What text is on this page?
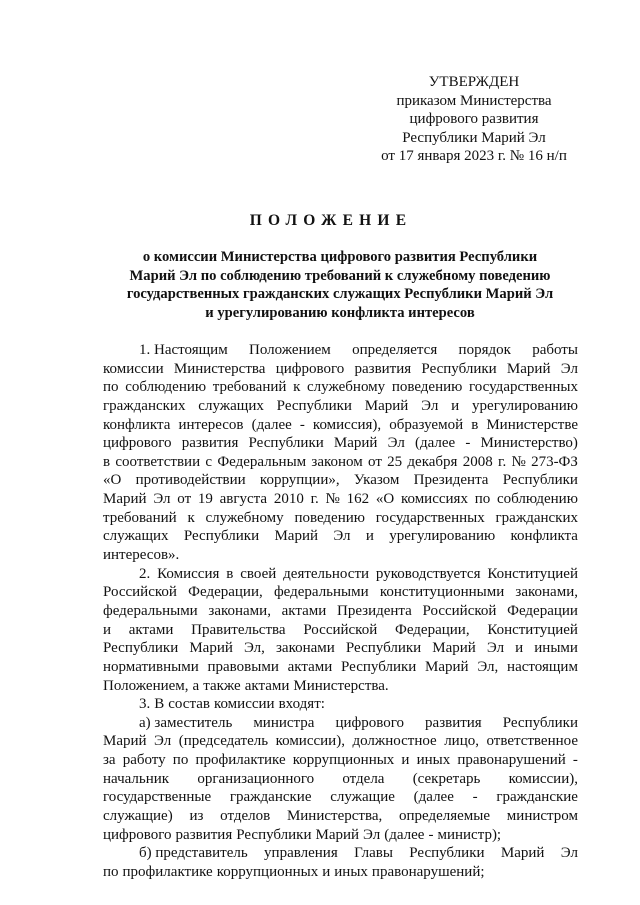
УТВЕРЖДЕН
приказом Министерства
цифрового развития
Республики Марий Эл
от 17 января 2023 г. № 16 н/п
ПОЛОЖЕНИЕ
о комиссии Министерства цифрового развития Республики
Марий Эл по соблюдению требований к служебному поведению
государственных гражданских служащих Республики Марий Эл
и урегулированию конфликта интересов
1. Настоящим Положением определяется порядок работы
комиссии Министерства цифрового развития Республики Марий Эл
по соблюдению требований к служебному поведению государственных
гражданских служащих Республики Марий Эл и урегулированию
конфликта интересов (далее - комиссия), образуемой в Министерстве
цифрового развития Республики Марий Эл (далее - Министерство)
в соответствии с Федеральным законом от 25 декабря 2008 г. № 273-ФЗ
«О противодействии коррупции», Указом Президента Республики
Марий Эл от 19 августа 2010 г. № 162 «О комиссиях по соблюдению
требований к служебному поведению государственных гражданских
служащих Республики Марий Эл и урегулированию конфликта
интересов».
2. Комиссия в своей деятельности руководствуется Конституцией
Российской Федерации, федеральными конституционными законами,
федеральными законами, актами Президента Российской Федерации
и актами Правительства Российской Федерации, Конституцией
Республики Марий Эл, законами Республики Марий Эл и иными
нормативными правовыми актами Республики Марий Эл, настоящим
Положением, а также актами Министерства.
3. В состав комиссии входят:
а) заместитель министра цифрового развития Республики
Марий Эл (председатель комиссии), должностное лицо, ответственное
за работу по профилактике коррупционных и иных правонарушений -
начальник организационного отдела (секретарь комиссии),
государственные гражданские служащие (далее - гражданские
служащие) из отделов Министерства, определяемые министром
цифрового развития Республики Марий Эл (далее - министр);
б) представитель управления Главы Республики Марий Эл
по профилактике коррупционных и иных правонарушений;
